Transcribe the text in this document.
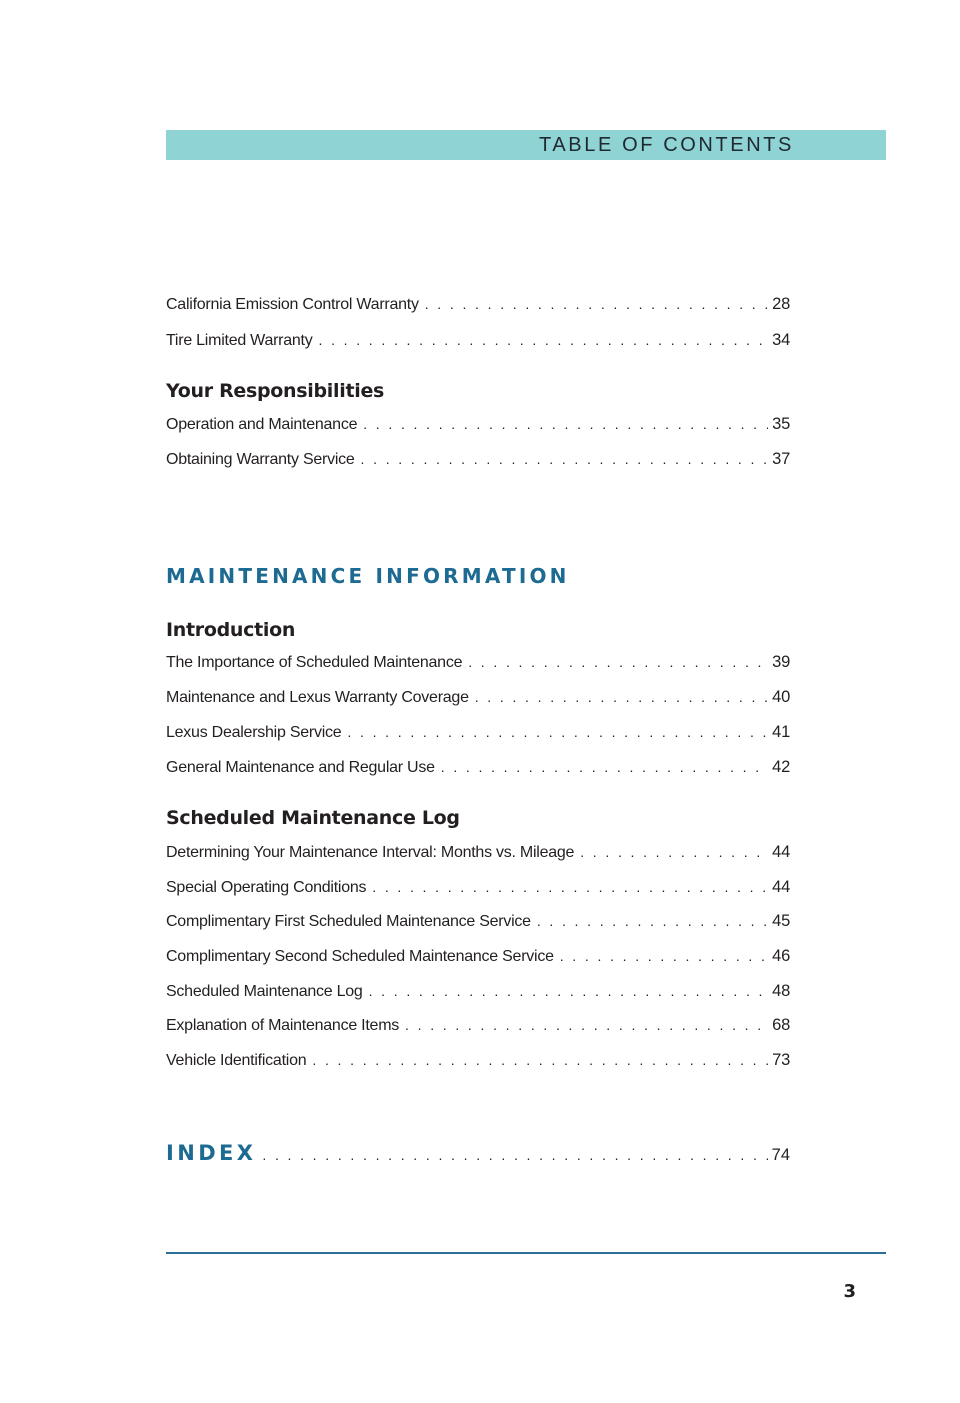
TABLE OF CONTENTS
California Emission Control Warranty . . .	28
Tire Limited Warranty . . .	34
Your Responsibilities
Operation and Maintenance . . .	35
Obtaining Warranty Service . . .	37
MAINTENANCE INFORMATION
Introduction
The Importance of Scheduled Maintenance . . .	39
Maintenance and Lexus Warranty Coverage . . .	40
Lexus Dealership Service . . .	41
General Maintenance and Regular Use . . .	42
Scheduled Maintenance Log
Determining Your Maintenance Interval: Months vs. Mileage . . .	44
Special Operating Conditions . . .	44
Complimentary First Scheduled Maintenance Service . . .	45
Complimentary Second Scheduled Maintenance Service . . .	46
Scheduled Maintenance Log . . .	48
Explanation of Maintenance Items . . .	68
Vehicle Identification . . .	73
INDEX . . .	74
3
